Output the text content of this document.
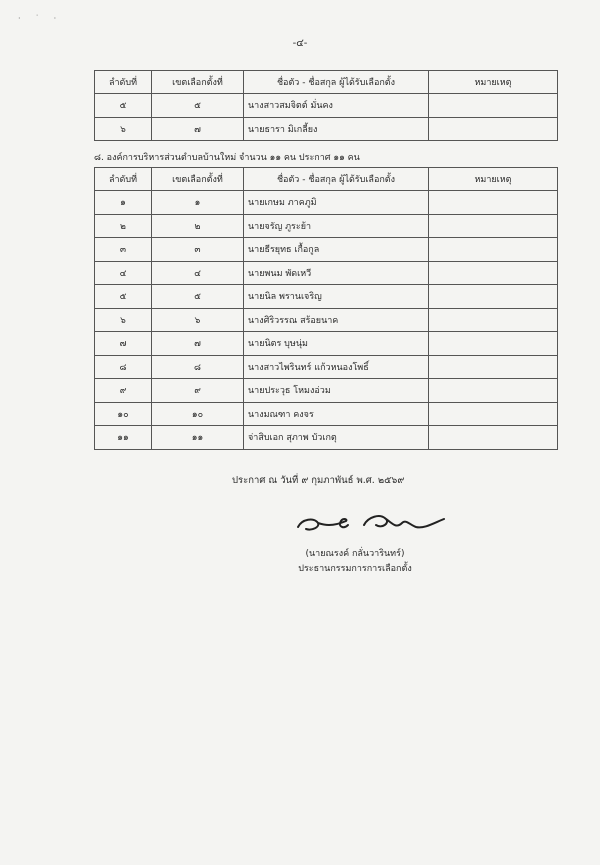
· ˙ ·
-๔-
ลำดับที่	เขตเลือกตั้งที่	ชื่อตัว - ชื่อสกุล ผู้ได้รับเลือกตั้ง	หมายเหตุ
๕	๕	นางสาวสมจิตต์ มั่นคง	
๖	๗	นายธารา มิเกลี้ยง	
๘. องค์การบริหารส่วนตำบลบ้านใหม่ จำนวน ๑๑ คน ประกาศ ๑๑ คน
ลำดับที่	เขตเลือกตั้งที่	ชื่อตัว - ชื่อสกุล ผู้ได้รับเลือกตั้ง	หมายเหตุ
๑	๑	นายเกษม ภาคภูมิ	
๒	๒	นายจรัญ ภูระย้า	
๓	๓	นายธีรยุทธ เกื้อกูล	
๔	๔	นายพนม พัดเหวี	
๕	๕	นายนิล พรานเจริญ	
๖	๖	นางศิริวรรณ สร้อยนาค	
๗	๗	นายนิตร บุษนุ่ม	
๘	๘	นางสาวไพรินทร์ แก้วหนองโพธิ์	
๙	๙	นายประวุธ โหมงอ่วม	
๑๐	๑๐	นางมณฑา คงจร	
๑๑	๑๑	จ่าสิบเอก สุภาพ บัวเกตุ	
ประกาศ ณ วันที่ ๙ กุมภาพันธ์ พ.ศ. ๒๕๖๙
(นายณรงค์ กลั่นวารินทร์)
ประธานกรรมการการเลือกตั้ง
